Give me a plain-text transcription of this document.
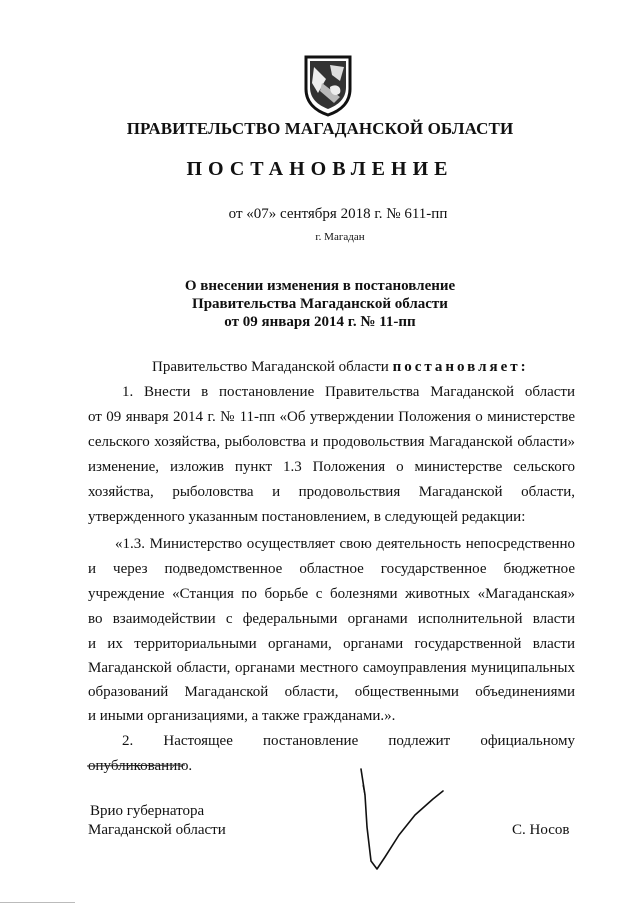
ПРАВИТЕЛЬСТВО МАГАДАНСКОЙ ОБЛАСТИ
ПОСТАНОВЛЕНИЕ
от «07» сентября 2018 г. № 611-пп
г. Магадан
О внесении изменения в постановление
Правительства Магаданской области
от 09 января 2014 г. № 11-пп
Правительство Магаданской области постановляет:
1. Внести в постановление Правительства Магаданской области
от 09 января 2014 г. № 11-пп «Об утверждении Положения о министерстве
сельского хозяйства, рыболовства и продовольствия Магаданской области»
изменение, изложив пункт 1.3 Положения о министерстве сельского
хозяйства, рыболовства и продовольствия Магаданской области,
утвержденного указанным постановлением, в следующей редакции:
«1.3. Министерство осуществляет свою деятельность непосредственно
и через подведомственное областное государственное бюджетное
учреждение «Станция по борьбе с болезнями животных «Магаданская»
во взаимодействии с федеральными органами исполнительной власти
и их территориальными органами, органами государственной власти
Магаданской области, органами местного самоуправления муниципальных
образований Магаданской области, общественными объединениями
и иными организациями, а также гражданами.».
2. Настоящее постановление подлежит официальному
опубликованию.
Врио губернатора
Магаданской области	С. Носов
